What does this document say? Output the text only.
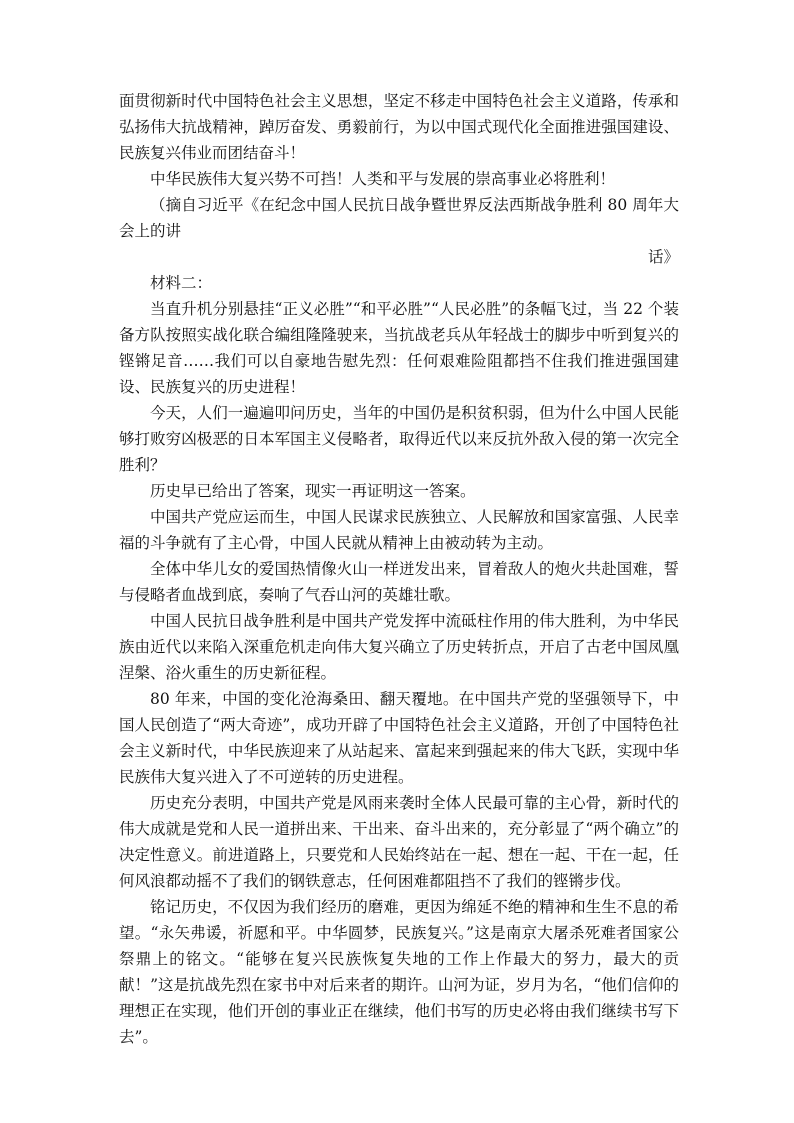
面贯彻新时代中国特色社会主义思想，坚定不移走中国特色社会主义道路，传承和弘扬伟大抗战精神，踔厉奋发、勇毅前行，为以中国式现代化全面推进强国建设、民族复兴伟业而团结奋斗！

中华民族伟大复兴势不可挡！人类和平与发展的崇高事业必将胜利！

（摘自习近平《在纪念中国人民抗日战争暨世界反法西斯战争胜利 80 周年大会上的讲

话》

材料二：

当直升机分别悬挂“正义必胜”“和平必胜”“人民必胜”的条幅飞过，当 22 个装备方队按照实战化联合编组隆隆驶来，当抗战老兵从年轻战士的脚步中听到复兴的铿锵足音……我们可以自豪地告慰先烈：任何艰难险阻都挡不住我们推进强国建设、民族复兴的历史进程！

今天，人们一遍遍叩问历史，当年的中国仍是积贫积弱，但为什么中国人民能够打败穷凶极恶的日本军国主义侵略者，取得近代以来反抗外敌入侵的第一次完全胜利？

历史早已给出了答案，现实一再证明这一答案。

中国共产党应运而生，中国人民谋求民族独立、人民解放和国家富强、人民幸福的斗争就有了主心骨，中国人民就从精神上由被动转为主动。

全体中华儿女的爱国热情像火山一样迸发出来，冒着敌人的炮火共赴国难，誓与侵略者血战到底，奏响了气吞山河的英雄壮歌。

中国人民抗日战争胜利是中国共产党发挥中流砥柱作用的伟大胜利，为中华民族由近代以来陷入深重危机走向伟大复兴确立了历史转折点，开启了古老中国凤凰涅槃、浴火重生的历史新征程。

80 年来，中国的变化沧海桑田、翻天覆地。在中国共产党的坚强领导下，中国人民创造了“两大奇迹”，成功开辟了中国特色社会主义道路，开创了中国特色社会主义新时代，中华民族迎来了从站起来、富起来到强起来的伟大飞跃，实现中华民族伟大复兴进入了不可逆转的历史进程。

历史充分表明，中国共产党是风雨来袭时全体人民最可靠的主心骨，新时代的伟大成就是党和人民一道拼出来、干出来、奋斗出来的，充分彰显了“两个确立”的决定性意义。前进道路上，只要党和人民始终站在一起、想在一起、干在一起，任何风浪都动摇不了我们的钢铁意志，任何困难都阻挡不了我们的铿锵步伐。

铭记历史，不仅因为我们经历的磨难，更因为绵延不绝的精神和生生不息的希望。“永矢弗谖，祈愿和平。中华圆梦，民族复兴。”这是南京大屠杀死难者国家公祭鼎上的铭文。“能够在复兴民族恢复失地的工作上作最大的努力，最大的贡献！”这是抗战先烈在家书中对后来者的期许。山河为证，岁月为名，“他们信仰的理想正在实现，他们开创的事业正在继续，他们书写的历史必将由我们继续书写下去”。
